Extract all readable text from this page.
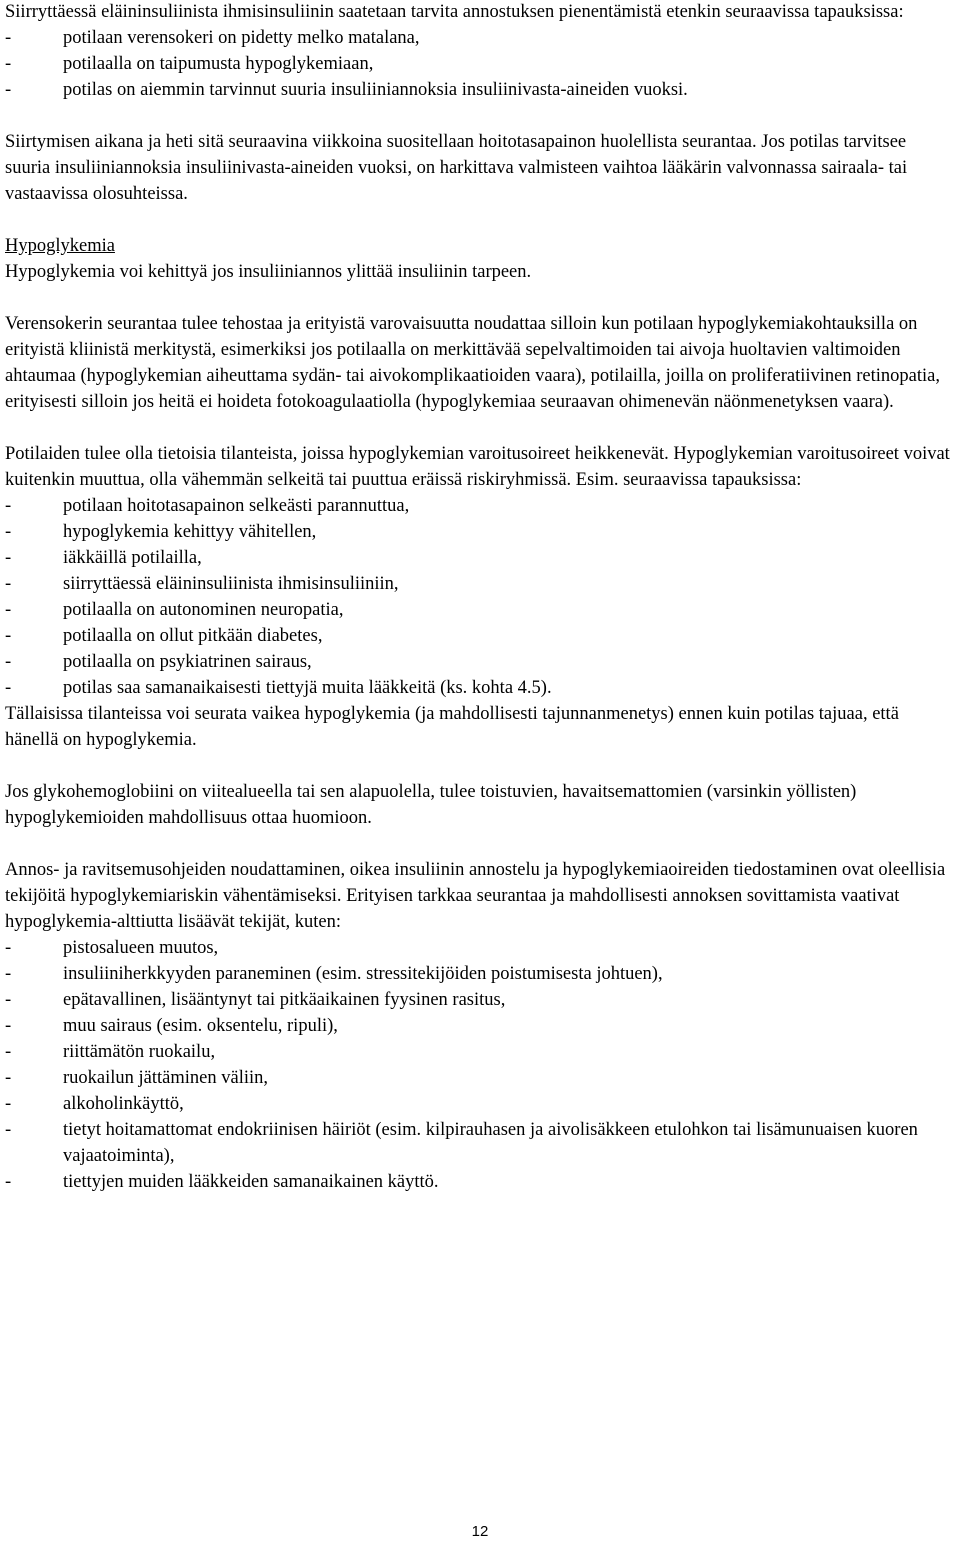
Siirryttäessä eläininsuliinista ihmisinsuliinin saatetaan tarvita annostuksen pienentämistä etenkin seuraavissa tapauksissa:

-	potilaan verensokeri on pidetty melko matalana,
-	potilaalla on taipumusta hypoglykemiaan,
-	potilas on aiemmin tarvinnut suuria insuliiniannoksia insuliinivasta-aineiden vuoksi.

Siirtymisen aikana ja heti sitä seuraavina viikkoina suositellaan hoitotasapainon huolellista seurantaa. Jos potilas tarvitsee suuria insuliiniannoksia insuliinivasta-aineiden vuoksi, on harkittava valmisteen vaihtoa lääkärin valvonnassa sairaala- tai vastaavissa olosuhteissa.

Hypoglykemia

Hypoglykemia voi kehittyä jos insuliiniannos ylittää insuliinin tarpeen.

Verensokerin seurantaa tulee tehostaa ja erityistä varovaisuutta noudattaa silloin kun potilaan hypoglykemiakohtauksilla on erityistä kliinistä merkitystä, esimerkiksi jos potilaalla on merkittävää sepelvaltimoiden tai aivoja huoltavien valtimoiden ahtaumaa (hypoglykemian aiheuttama sydän- tai aivokomplikaatioiden vaara), potilailla, joilla on proliferatiivinen retinopatia, erityisesti silloin jos heitä ei hoideta fotokoagulaatiolla (hypoglykemiaa seuraavan ohimenevän näönmenetyksen vaara).

Potilaiden tulee olla tietoisia tilanteista, joissa hypoglykemian varoitusoireet heikkenevät. Hypoglykemian varoitusoireet voivat kuitenkin muuttua, olla vähemmän selkeitä tai puuttua eräissä riskiryhmissä. Esim. seuraavissa tapauksissa:

-	potilaan hoitotasapainon selkeästi parannuttua,
-	hypoglykemia kehittyy vähitellen,
-	iäkkäillä potilailla,
-	siirryttäessä eläininsuliinista ihmisinsuliiniin,
-	potilaalla on autonominen neuropatia,
-	potilaalla on ollut pitkään diabetes,
-	potilaalla on psykiatrinen sairaus,
-	potilas saa samanaikaisesti tiettyjä muita lääkkeitä (ks. kohta 4.5).

Tällaisissa tilanteissa voi seurata vaikea hypoglykemia (ja mahdollisesti tajunnanmenetys) ennen kuin potilas tajuaa, että hänellä on hypoglykemia.

Jos glykohemoglobiini on viitealueella tai sen alapuolella, tulee toistuvien, havaitsemattomien (varsinkin yöllisten) hypoglykemioiden mahdollisuus ottaa huomioon.

Annos- ja ravitsemusohjeiden noudattaminen, oikea insuliinin annostelu ja hypoglykemiaoireiden tiedostaminen ovat oleellisia tekijöitä hypoglykemiariskin vähentämiseksi. Erityisen tarkkaa seurantaa ja mahdollisesti annoksen sovittamista vaativat hypoglykemia-alttiutta lisäävät tekijät, kuten:

-	pistosalueen muutos,
-	insuliiniherkkyyden paraneminen (esim. stressitekijöiden poistumisesta johtuen),
-	epätavallinen, lisääntynyt tai pitkäaikainen fyysinen rasitus,
-	muu sairaus (esim. oksentelu, ripuli),
-	riittämätön ruokailu,
-	ruokailun jättäminen väliin,
-	alkoholinkäyttö,
-	tietyt hoitamattomat endokriinisen häiriöt (esim. kilpirauhasen ja aivolisäkkeen etulohkon tai lisämunuaisen kuoren vajaatoiminta),
-	tiettyjen muiden lääkkeiden samanaikainen käyttö.
12
